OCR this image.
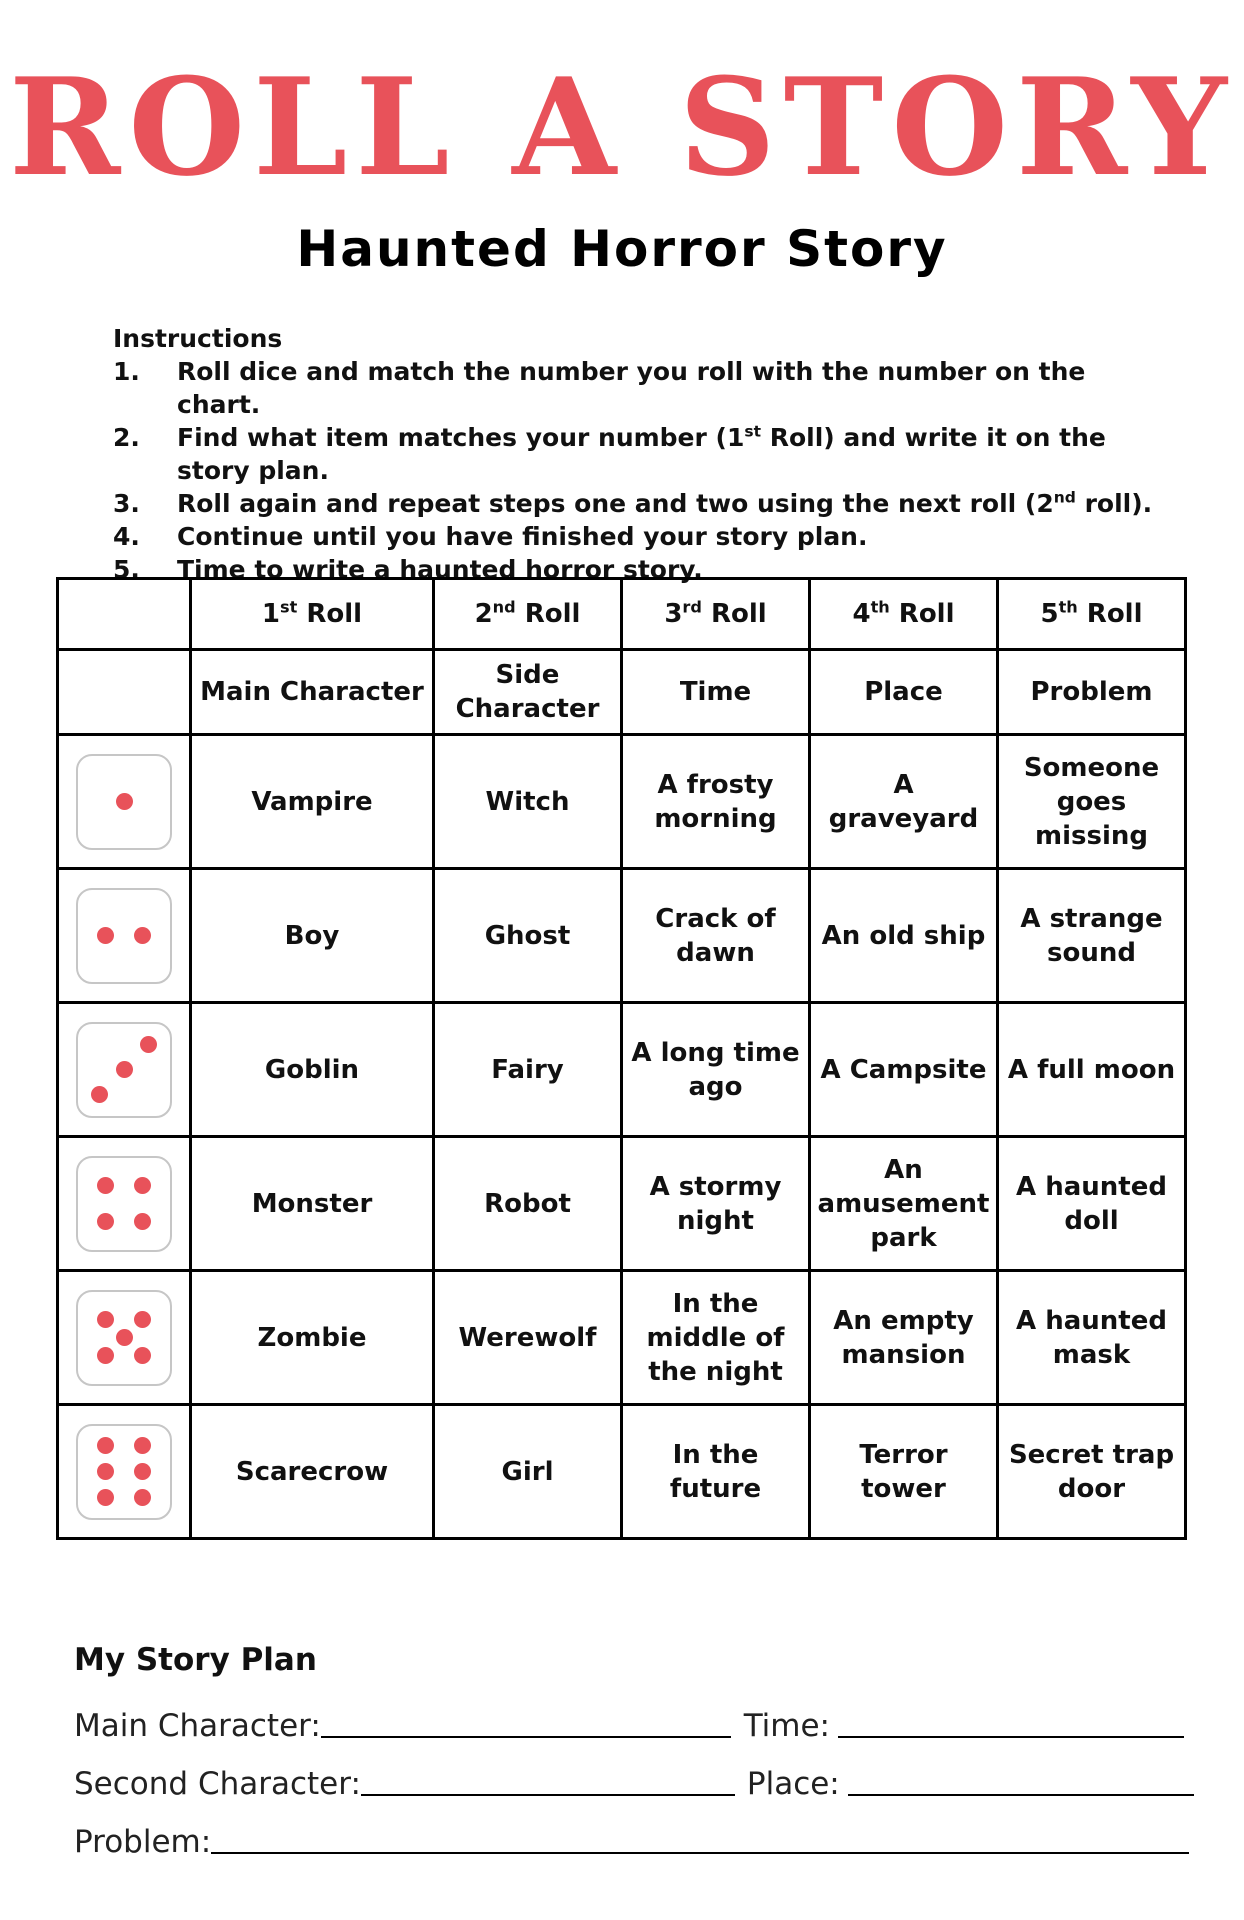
ROLL A STORY
Haunted Horror Story
Instructions
1. Roll dice and match the number you roll with the number on the chart.
2. Find what item matches your number (1st Roll) and write it on the story plan.
3. Roll again and repeat steps one and two using the next roll (2nd roll).
4. Continue until you have finished your story plan.
5. Time to write a haunted horror story.
	1st Roll	2nd Roll	3rd Roll	4th Roll	5th Roll
	Main Character	Side Character	Time	Place	Problem

	Vampire	Witch	A frosty morning	A graveyard	Someone goes missing

	Boy	Ghost	Crack of dawn	An old ship	A strange sound

	Goblin	Fairy	A long time ago	A Campsite	A full moon

	Monster	Robot	A stormy night	An amusement park	A haunted doll

	Zombie	Werewolf	In the middle of the night	An empty mansion	A haunted mask

	Scarecrow	Girl	In the future	Terror tower	Secret trap door
My Story Plan
Main Character:	Time:
Second Character:	Place:
Problem:
